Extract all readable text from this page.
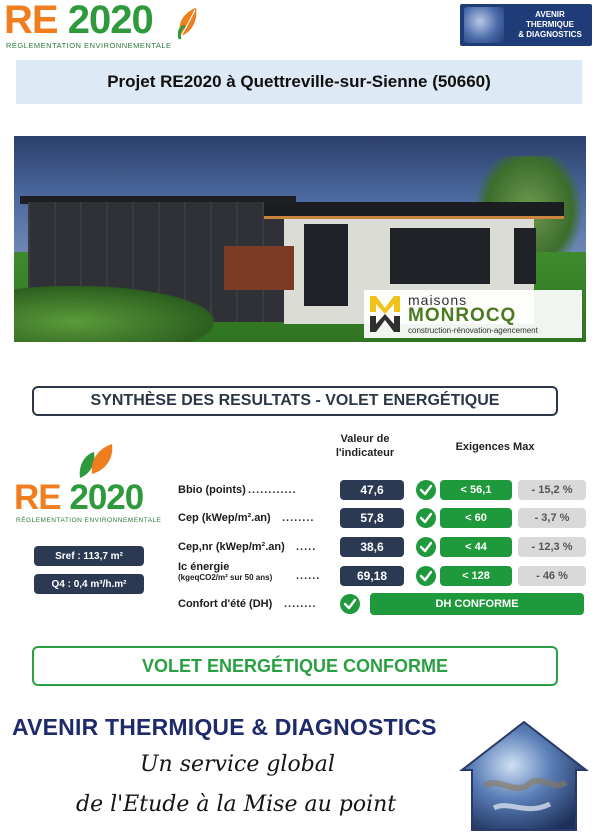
RE 2020
RÉGLEMENTATION ENVIRONNEMENTALE
AVENIR
THERMIQUE
& DIAGNOSTICS
Projet RE2020 à Quettreville-sur-Sienne (50660)
maisons
MONROCQ
construction-rénovation-agencement
SYNTHÈSE DES RESULTATS - VOLET ENERGÉTIQUE
Valeur de
l'indicateur	Exigences Max
RE 2020
RÉGLEMENTATION ENVIRONNEMENTALE
Sref : 113,7 m²
Q4 : 0,4 m³/h.m²
Bbio (points) ............	47,6	< 56,1	- 15,2 %
Cep (kWep/m².an) ........	57,8	< 60	- 3,7 %
Cep,nr (kWep/m².an) .....	38,6	< 44	- 12,3 %
Ic énergie
(kgeqCO2/m² sur 50 ans) ......	69,18	< 128	- 46 %
Confort d'été (DH) ........	DH CONFORME
VOLET ENERGÉTIQUE CONFORME
AVENIR THERMIQUE & DIAGNOSTICS
Un service global
de l'Etude à la Mise au point
